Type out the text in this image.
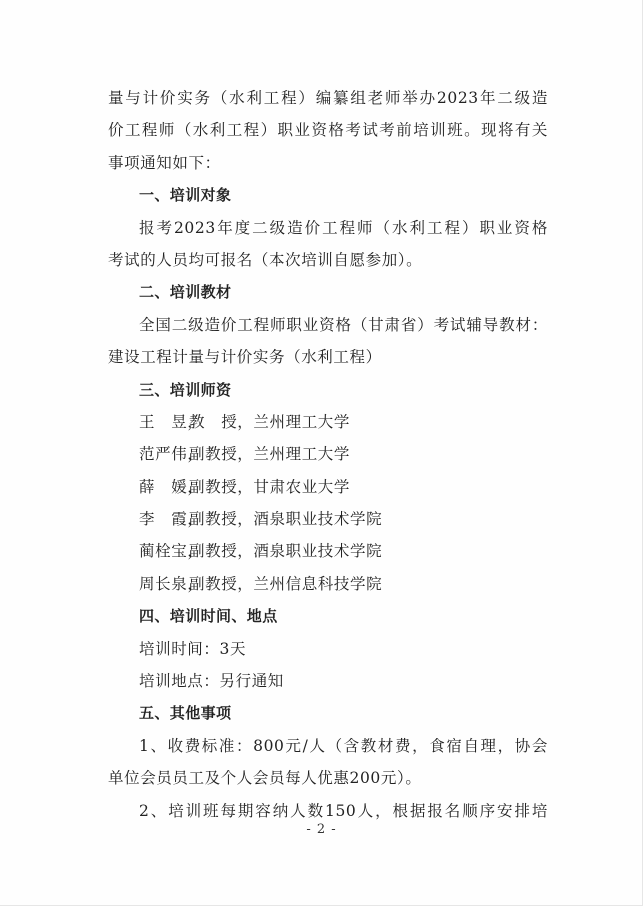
量与计价实务（水利工程）编纂组老师举办2023年二级造
价工程师（水利工程）职业资格考试考前培训班。现将有关
事项通知如下：
一、培训对象
报考2023年度二级造价工程师（水利工程）职业资格
考试的人员均可报名（本次培训自愿参加）。
二、培训教材
全国二级造价工程师职业资格（甘肃省）考试辅导教材：
建设工程计量与计价实务（水利工程）
三、培训师资
王　昱，教　授，兰州理工大学
范严伟，副教授，兰州理工大学
薛　媛，副教授，甘肃农业大学
李　霞，副教授，酒泉职业技术学院
蔺栓宝，副教授，酒泉职业技术学院
周长泉，副教授，兰州信息科技学院
四、培训时间、地点
培训时间：3天
培训地点：另行通知
五、其他事项
1、收费标准：800元/人（含教材费，食宿自理，协会
单位会员员工及个人会员每人优惠200元）。
2、培训班每期容纳人数150人，根据报名顺序安排培
- 2 -
